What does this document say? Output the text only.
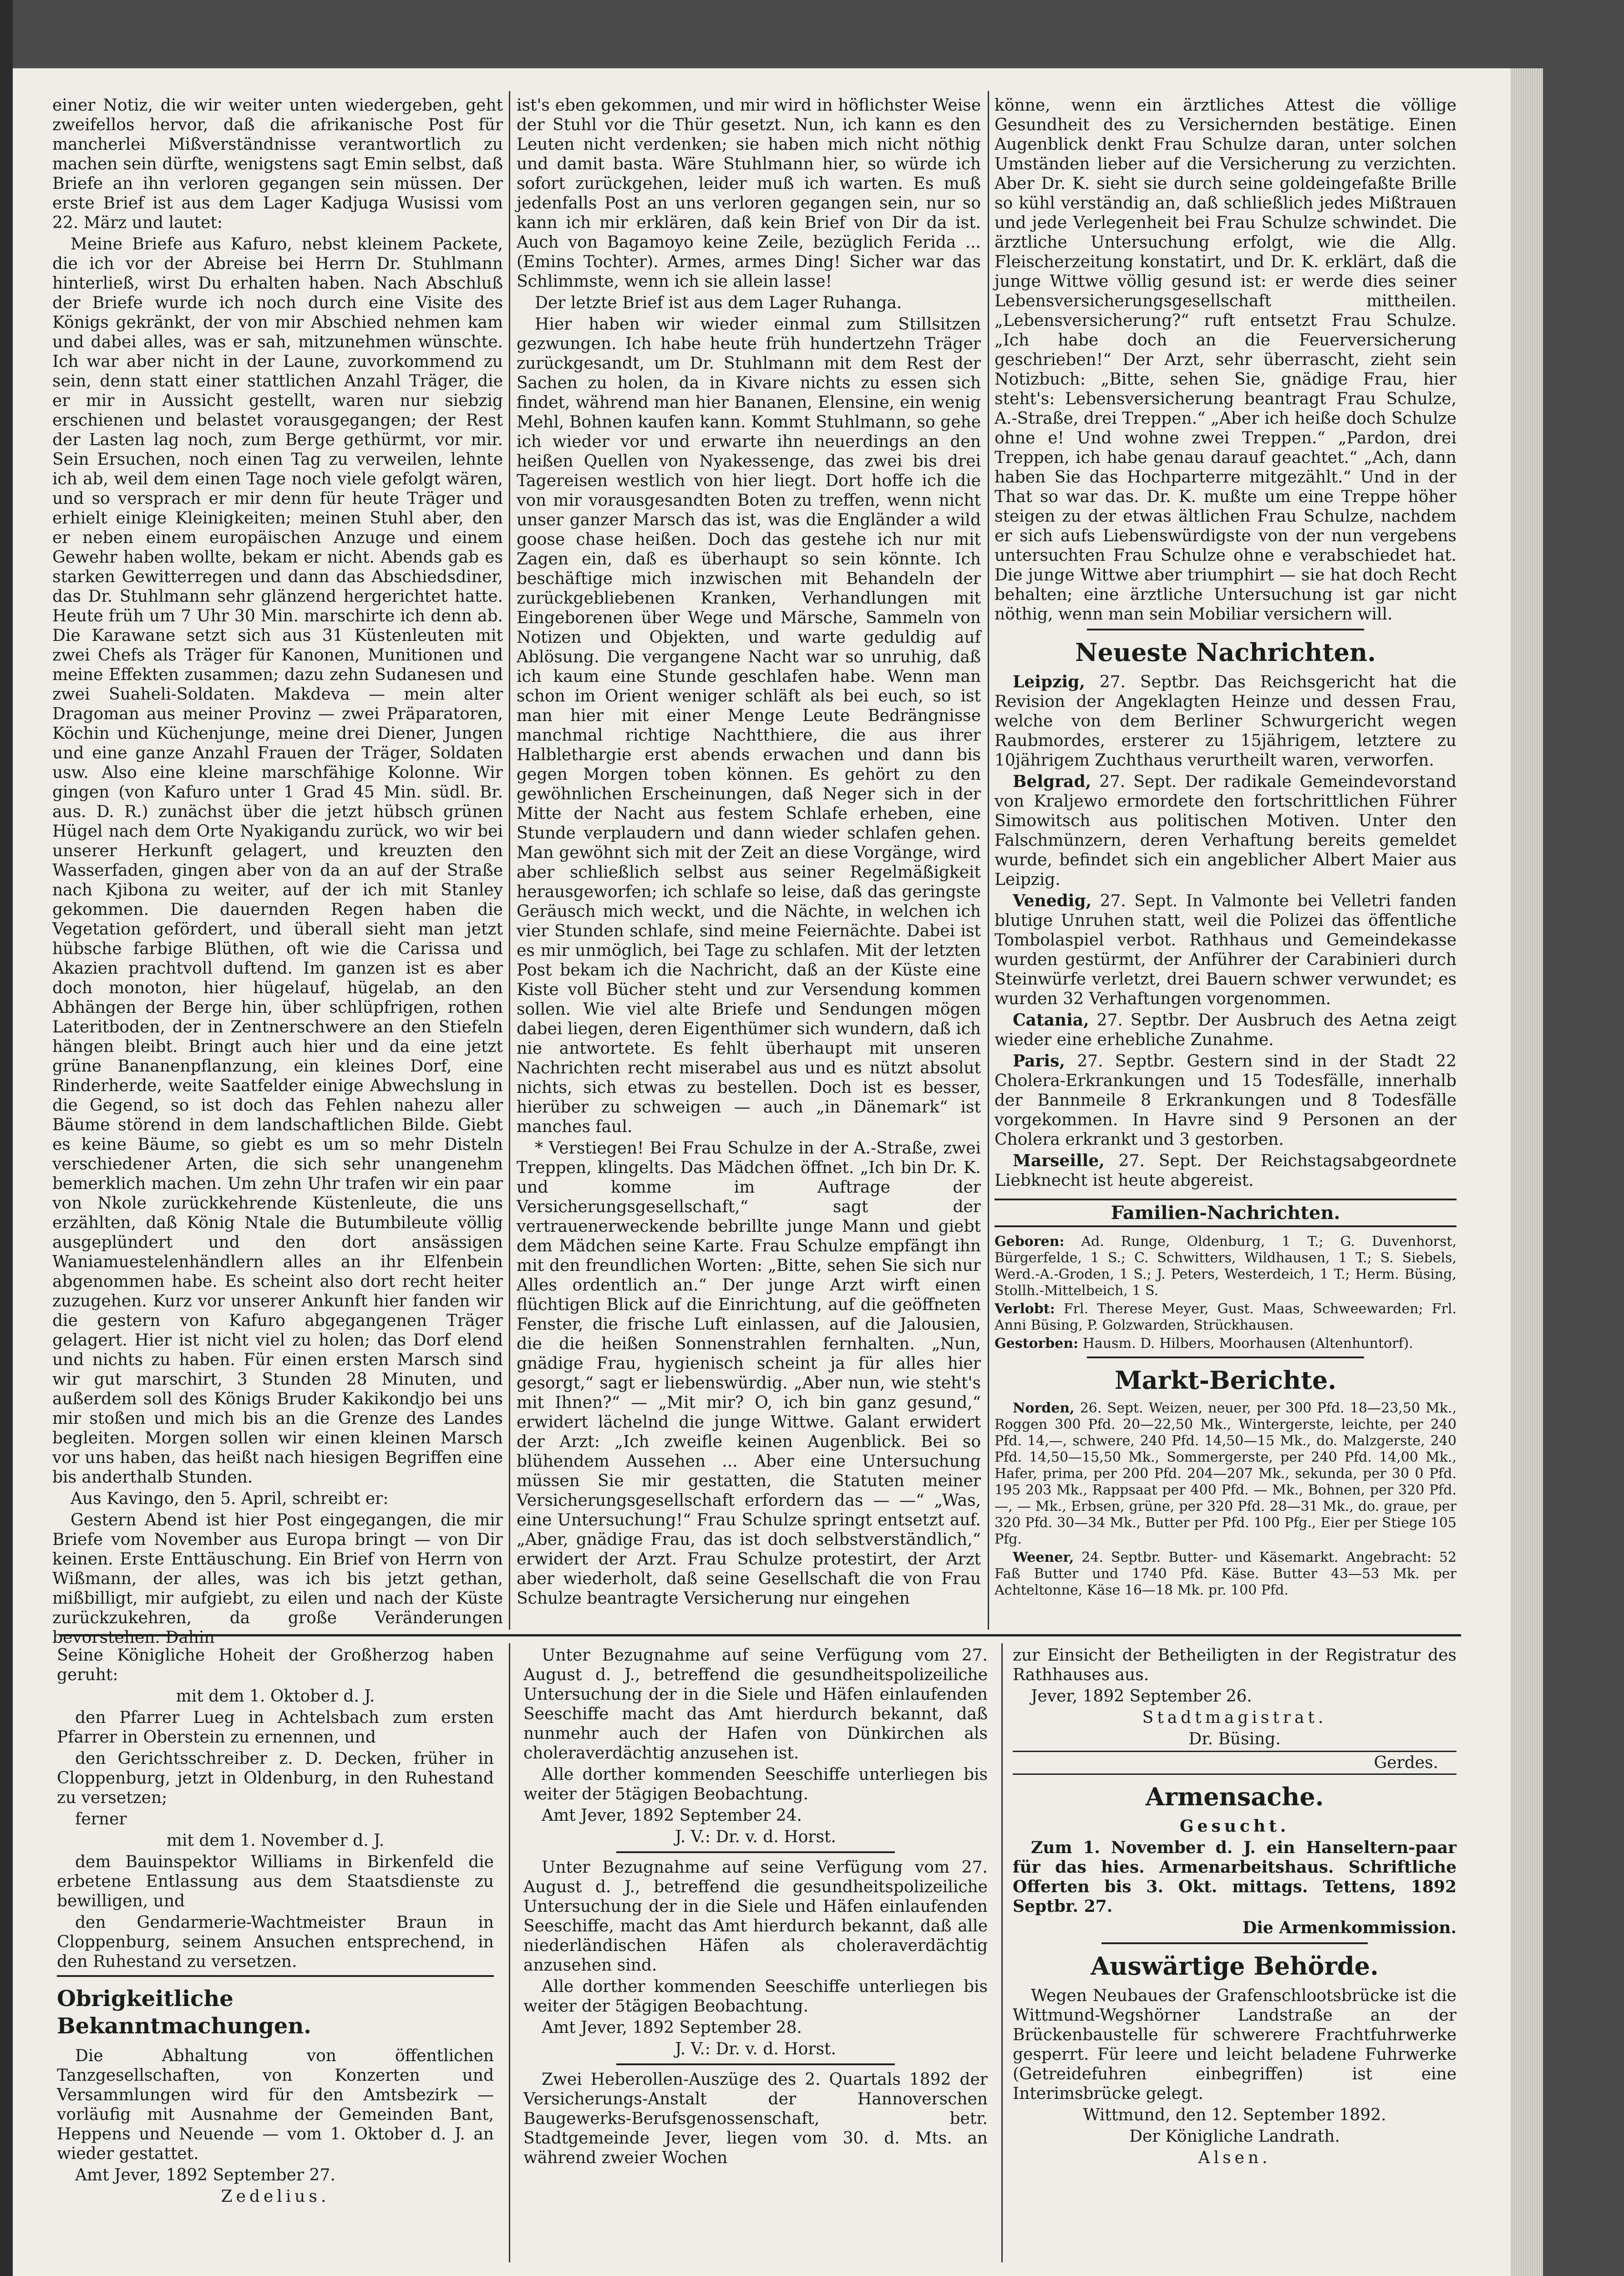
einer Notiz, die wir weiter unten wiedergeben, geht zweifellos hervor, daß die afrikanische Post für mancherlei Mißverständnisse verantwortlich zu machen sein dürfte, wenigstens sagt Emin selbst, daß Briefe an ihn verloren gegangen sein müssen. Der erste Brief ist aus dem Lager Kadjuga Wusissi vom 22. März und lautet:

Meine Briefe aus Kafuro, nebst kleinem Packete, die ich vor der Abreise bei Herrn Dr. Stuhlmann hinterließ, wirst Du erhalten haben. Nach Abschluß der Briefe wurde ich noch durch eine Visite des Königs gekränkt, der von mir Abschied nehmen kam und dabei alles, was er sah, mitzunehmen wünschte. Ich war aber nicht in der Laune, zuvorkommend zu sein, denn statt einer stattlichen Anzahl Träger, die er mir in Aussicht gestellt, waren nur siebzig erschienen und belastet vorausgegangen; der Rest der Lasten lag noch, zum Berge gethürmt, vor mir. Sein Ersuchen, noch einen Tag zu verweilen, lehnte ich ab, weil dem einen Tage noch viele gefolgt wären, und so versprach er mir denn für heute Träger und erhielt einige Kleinigkeiten; meinen Stuhl aber, den er neben einem europäischen Anzuge und einem Gewehr haben wollte, bekam er nicht. Abends gab es starken Gewitterregen und dann das Abschiedsdiner, das Dr. Stuhlmann sehr glänzend hergerichtet hatte. Heute früh um 7 Uhr 30 Min. marschirte ich denn ab. Die Karawane setzt sich aus 31 Küstenleuten mit zwei Chefs als Träger für Kanonen, Munitionen und meine Effekten zusammen; dazu zehn Sudanesen und zwei Suaheli-Soldaten. Makdeva — mein alter Dragoman aus meiner Provinz — zwei Präparatoren, Köchin und Küchenjunge, meine drei Diener, Jungen und eine ganze Anzahl Frauen der Träger, Soldaten usw. Also eine kleine marschfähige Kolonne. Wir gingen (von Kafuro unter 1 Grad 45 Min. südl. Br. aus. D. R.) zunächst über die jetzt hübsch grünen Hügel nach dem Orte Nyakigandu zurück, wo wir bei unserer Herkunft gelagert, und kreuzten den Wasserfaden, gingen aber von da an auf der Straße nach Kjibona zu weiter, auf der ich mit Stanley gekommen. Die dauernden Regen haben die Vegetation gefördert, und überall sieht man jetzt hübsche farbige Blüthen, oft wie die Carissa und Akazien prachtvoll duftend. Im ganzen ist es aber doch monoton, hier hügelauf, hügelab, an den Abhängen der Berge hin, über schlüpfrigen, rothen Lateritboden, der in Zentnerschwere an den Stiefeln hängen bleibt. Bringt auch hier und da eine jetzt grüne Bananenpflanzung, ein kleines Dorf, eine Rinderherde, weite Saatfelder einige Abwechslung in die Gegend, so ist doch das Fehlen nahezu aller Bäume störend in dem landschaftlichen Bilde. Giebt es keine Bäume, so giebt es um so mehr Disteln verschiedener Arten, die sich sehr unangenehm bemerklich machen. Um zehn Uhr trafen wir ein paar von Nkole zurückkehrende Küstenleute, die uns erzählten, daß König Ntale die Butumbileute völlig ausgeplündert und den dort ansässigen Waniamuestelenhändlern alles an ihr Elfenbein abgenommen habe. Es scheint also dort recht heiter zuzugehen. Kurz vor unserer Ankunft hier fanden wir die gestern von Kafuro abgegangenen Träger gelagert. Hier ist nicht viel zu holen; das Dorf elend und nichts zu haben. Für einen ersten Marsch sind wir gut marschirt, 3 Stunden 28 Minuten, und außerdem soll des Königs Bruder Kakikondjo bei uns mir stoßen und mich bis an die Grenze des Landes begleiten. Morgen sollen wir einen kleinen Marsch vor uns haben, das heißt nach hiesigen Begriffen eine bis anderthalb Stunden.

Aus Kavingo, den 5. April, schreibt er:

Gestern Abend ist hier Post eingegangen, die mir Briefe vom November aus Europa bringt — von Dir keinen. Erste Enttäuschung. Ein Brief von Herrn von Wißmann, der alles, was ich bis jetzt gethan, mißbilligt, mir aufgiebt, zu eilen und nach der Küste zurückzukehren, da große Veränderungen bevorstehen. Dahin

ist's eben gekommen, und mir wird in höflichster Weise der Stuhl vor die Thür gesetzt. Nun, ich kann es den Leuten nicht verdenken; sie haben mich nicht nöthig und damit basta. Wäre Stuhlmann hier, so würde ich sofort zurückgehen, leider muß ich warten. Es muß jedenfalls Post an uns verloren gegangen sein, nur so kann ich mir erklären, daß kein Brief von Dir da ist. Auch von Bagamoyo keine Zeile, bezüglich Ferida ... (Emins Tochter). Armes, armes Ding! Sicher war das Schlimmste, wenn ich sie allein lasse!

Der letzte Brief ist aus dem Lager Ruhanga.

Hier haben wir wieder einmal zum Stillsitzen gezwungen. Ich habe heute früh hundertzehn Träger zurückgesandt, um Dr. Stuhlmann mit dem Rest der Sachen zu holen, da in Kivare nichts zu essen sich findet, während man hier Bananen, Elensine, ein wenig Mehl, Bohnen kaufen kann. Kommt Stuhlmann, so gehe ich wieder vor und erwarte ihn neuerdings an den heißen Quellen von Nyakessenge, das zwei bis drei Tagereisen westlich von hier liegt. Dort hoffe ich die von mir vorausgesandten Boten zu treffen, wenn nicht unser ganzer Marsch das ist, was die Engländer a wild goose chase heißen. Doch das gestehe ich nur mit Zagen ein, daß es überhaupt so sein könnte. Ich beschäftige mich inzwischen mit Behandeln der zurückgebliebenen Kranken, Verhandlungen mit Eingeborenen über Wege und Märsche, Sammeln von Notizen und Objekten, und warte geduldig auf Ablösung. Die vergangene Nacht war so unruhig, daß ich kaum eine Stunde geschlafen habe. Wenn man schon im Orient weniger schläft als bei euch, so ist man hier mit einer Menge Leute Bedrängnisse manchmal richtige Nachtthiere, die aus ihrer Halblethargie erst abends erwachen und dann bis gegen Morgen toben können. Es gehört zu den gewöhnlichen Erscheinungen, daß Neger sich in der Mitte der Nacht aus festem Schlafe erheben, eine Stunde verplaudern und dann wieder schlafen gehen. Man gewöhnt sich mit der Zeit an diese Vorgänge, wird aber schließlich selbst aus seiner Regelmäßigkeit herausgeworfen; ich schlafe so leise, daß das geringste Geräusch mich weckt, und die Nächte, in welchen ich vier Stunden schlafe, sind meine Feiernächte. Dabei ist es mir unmöglich, bei Tage zu schlafen. Mit der letzten Post bekam ich die Nachricht, daß an der Küste eine Kiste voll Bücher steht und zur Versendung kommen sollen. Wie viel alte Briefe und Sendungen mögen dabei liegen, deren Eigenthümer sich wundern, daß ich nie antwortete. Es fehlt überhaupt mit unseren Nachrichten recht miserabel aus und es nützt absolut nichts, sich etwas zu bestellen. Doch ist es besser, hierüber zu schweigen — auch „in Dänemark“ ist manches faul.

* Verstiegen! Bei Frau Schulze in der A.-Straße, zwei Treppen, klingelts. Das Mädchen öffnet. „Ich bin Dr. K. und komme im Auftrage der Versicherungsgesellschaft,“ sagt der vertrauenerweckende bebrillte junge Mann und giebt dem Mädchen seine Karte. Frau Schulze empfängt ihn mit den freundlichen Worten: „Bitte, sehen Sie sich nur Alles ordentlich an.“ Der junge Arzt wirft einen flüchtigen Blick auf die Einrichtung, auf die geöffneten Fenster, die frische Luft einlassen, auf die Jalousien, die die heißen Sonnenstrahlen fernhalten. „Nun, gnädige Frau, hygienisch scheint ja für alles hier gesorgt,“ sagt er liebenswürdig. „Aber nun, wie steht's mit Ihnen?“ — „Mit mir? O, ich bin ganz gesund,“ erwidert lächelnd die junge Wittwe. Galant erwidert der Arzt: „Ich zweifle keinen Augenblick. Bei so blühendem Aussehen ... Aber eine Untersuchung müssen Sie mir gestatten, die Statuten meiner Versicherungsgesellschaft erfordern das — —“ „Was, eine Untersuchung!“ Frau Schulze springt entsetzt auf. „Aber, gnädige Frau, das ist doch selbstverständlich,“ erwidert der Arzt. Frau Schulze protestirt, der Arzt aber wiederholt, daß seine Gesellschaft die von Frau Schulze beantragte Versicherung nur eingehen

könne, wenn ein ärztliches Attest die völlige Gesundheit des zu Versichernden bestätige. Einen Augenblick denkt Frau Schulze daran, unter solchen Umständen lieber auf die Versicherung zu verzichten. Aber Dr. K. sieht sie durch seine goldeingefaßte Brille so kühl verständig an, daß schließlich jedes Mißtrauen und jede Verlegenheit bei Frau Schulze schwindet. Die ärztliche Untersuchung erfolgt, wie die Allg. Fleischerzeitung konstatirt, und Dr. K. erklärt, daß die junge Wittwe völlig gesund ist: er werde dies seiner Lebensversicherungsgesellschaft mittheilen. „Lebensversicherung?“ ruft entsetzt Frau Schulze. „Ich habe doch an die Feuerversicherung geschrieben!“ Der Arzt, sehr überrascht, zieht sein Notizbuch: „Bitte, sehen Sie, gnädige Frau, hier steht's: Lebensversicherung beantragt Frau Schulze, A.-Straße, drei Treppen.“ „Aber ich heiße doch Schulze ohne e! Und wohne zwei Treppen.“ „Pardon, drei Treppen, ich habe genau darauf geachtet.“ „Ach, dann haben Sie das Hochparterre mitgezählt.“ Und in der That so war das. Dr. K. mußte um eine Treppe höher steigen zu der etwas ältlichen Frau Schulze, nachdem er sich aufs Liebenswürdigste von der nun vergebens untersuchten Frau Schulze ohne e verabschiedet hat. Die junge Wittwe aber triumphirt — sie hat doch Recht behalten; eine ärztliche Untersuchung ist gar nicht nöthig, wenn man sein Mobiliar versichern will.

Neueste Nachrichten.

Leipzig, 27. Septbr. Das Reichsgericht hat die Revision der Angeklagten Heinze und dessen Frau, welche von dem Berliner Schwurgericht wegen Raubmordes, ersterer zu 15jährigem, letztere zu 10jährigem Zuchthaus verurtheilt waren, verworfen.

Belgrad, 27. Sept. Der radikale Gemeindevorstand von Kraljewo ermordete den fortschrittlichen Führer Simowitsch aus politischen Motiven. Unter den Falschmünzern, deren Verhaftung bereits gemeldet wurde, befindet sich ein angeblicher Albert Maier aus Leipzig.

Venedig, 27. Sept. In Valmonte bei Velletri fanden blutige Unruhen statt, weil die Polizei das öffentliche Tombolaspiel verbot. Rathhaus und Gemeindekasse wurden gestürmt, der Anführer der Carabinieri durch Steinwürfe verletzt, drei Bauern schwer verwundet; es wurden 32 Verhaftungen vorgenommen.

Catania, 27. Septbr. Der Ausbruch des Aetna zeigt wieder eine erhebliche Zunahme.

Paris, 27. Septbr. Gestern sind in der Stadt 22 Cholera-Erkrankungen und 15 Todesfälle, innerhalb der Bannmeile 8 Erkrankungen und 8 Todesfälle vorgekommen. In Havre sind 9 Personen an der Cholera erkrankt und 3 gestorben.

Marseille, 27. Sept. Der Reichstagsabgeordnete Liebknecht ist heute abgereist.

Familien-Nachrichten.

Geboren: Ad. Runge, Oldenburg, 1 T.; G. Duvenhorst, Bürgerfelde, 1 S.; C. Schwitters, Wildhausen, 1 T.; S. Siebels, Werd.-A.-Groden, 1 S.; J. Peters, Westerdeich, 1 T.; Herm. Büsing, Stollh.-Mittelbeich, 1 S.

Verlobt: Frl. Therese Meyer, Gust. Maas, Schweewarden; Frl. Anni Büsing, P. Golzwarden, Strückhausen.

Gestorben: Hausm. D. Hilbers, Moorhausen (Altenhuntorf).

Markt-Berichte.

Norden, 26. Sept. Weizen, neuer, per 300 Pfd. 18—23,50 Mk., Roggen 300 Pfd. 20—22,50 Mk., Wintergerste, leichte, per 240 Pfd. 14,—, schwere, 240 Pfd. 14,50—15 Mk., do. Malzgerste, 240 Pfd. 14,50—15,50 Mk., Sommergerste, per 240 Pfd. 14,00 Mk., Hafer, prima, per 200 Pfd. 204—207 Mk., sekunda, per 30 0 Pfd. 195 203 Mk., Rappsaat per 400 Pfd. — Mk., Bohnen, per 320 Pfd. —, — Mk., Erbsen, grüne, per 320 Pfd. 28—31 Mk., do. graue, per 320 Pfd. 30—34 Mk., Butter per Pfd. 100 Pfg., Eier per Stiege 105 Pfg.

Weener, 24. Septbr. Butter- und Käsemarkt. Angebracht: 52 Faß Butter und 1740 Pfd. Käse. Butter 43—53 Mk. per Achteltonne, Käse 16—18 Mk. pr. 100 Pfd.

Seine Königliche Hoheit der Großherzog haben geruht:

mit dem 1. Oktober d. J.

den Pfarrer Lueg in Achtelsbach zum ersten Pfarrer in Oberstein zu ernennen, und

den Gerichtsschreiber z. D. Decken, früher in Cloppenburg, jetzt in Oldenburg, in den Ruhestand zu versetzen;

ferner

mit dem 1. November d. J.

dem Bauinspektor Williams in Birkenfeld die erbetene Entlassung aus dem Staatsdienste zu bewilligen, und

den Gendarmerie-Wachtmeister Braun in Cloppenburg, seinem Ansuchen entsprechend, in den Ruhestand zu versetzen.

Obrigkeitliche Bekanntmachungen.

Die Abhaltung von öffentlichen Tanzgesellschaften, von Konzerten und Versammlungen wird für den Amtsbezirk — vorläufig mit Ausnahme der Gemeinden Bant, Heppens und Neuende — vom 1. Oktober d. J. an wieder gestattet.

Amt Jever, 1892 September 27.

Zedelius.

Unter Bezugnahme auf seine Verfügung vom 27. August d. J., betreffend die gesundheitspolizeiliche Untersuchung der in die Siele und Häfen einlaufenden Seeschiffe macht das Amt hierdurch bekannt, daß nunmehr auch der Hafen von Dünkirchen als choleraverdächtig anzusehen ist.

Alle dorther kommenden Seeschiffe unterliegen bis weiter der 5tägigen Beobachtung.

Amt Jever, 1892 September 24.

J. V.: Dr. v. d. Horst.

Unter Bezugnahme auf seine Verfügung vom 27. August d. J., betreffend die gesundheitspolizeiliche Untersuchung der in die Siele und Häfen einlaufenden Seeschiffe, macht das Amt hierdurch bekannt, daß alle niederländischen Häfen als choleraverdächtig anzusehen sind.

Alle dorther kommenden Seeschiffe unterliegen bis weiter der 5tägigen Beobachtung.

Amt Jever, 1892 September 28.

J. V.: Dr. v. d. Horst.

Zwei Heberollen-Auszüge des 2. Quartals 1892 der Versicherungs-Anstalt der Hannoverschen Baugewerks-Berufsgenossenschaft, betr. Stadtgemeinde Jever, liegen vom 30. d. Mts. an während zweier Wochen

zur Einsicht der Betheiligten in der Registratur des Rathhauses aus.

Jever, 1892 September 26.

Stadtmagistrat.

Dr. Büsing.

Gerdes.

Armensache.

Gesucht.

Zum 1. November d. J. ein Hanseltern-paar für das hies. Armenarbeitshaus. Schriftliche Offerten bis 3. Okt. mittags. Tettens, 1892 Septbr. 27.

Die Armenkommission.

Auswärtige Behörde.

Wegen Neubaues der Grafenschlootsbrücke ist die Wittmund-Wegshörner Landstraße an der Brückenbaustelle für schwerere Frachtfuhrwerke gesperrt. Für leere und leicht beladene Fuhrwerke (Getreidefuhren einbegriffen) ist eine Interimsbrücke gelegt.

Wittmund, den 12. September 1892.

Der Königliche Landrath.

Alsen.
